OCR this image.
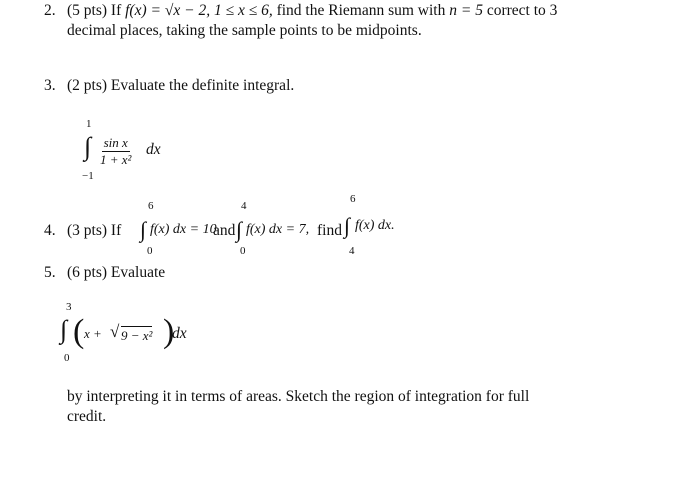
2. (5 pts) If f(x) = √x − 2, 1 ≤ x ≤ 6, find the Riemann sum with n = 5 correct to 3
decimal places, taking the sample points to be midpoints.
3. (2 pts) Evaluate the definite integral.
1
∫
−1
$\frac{\text{sin x}}{\text{1 + x²}}$ dx
6	4
6
4. (3 pts) If ∫ f(x) dx = 10
and ∫ f(x) dx = 7, find ∫ f(x) dx.
0	0	4
5. (6 pts) Evaluate
3
∫
0
( x + √ 9 − x² )
dx
by interpreting it in terms of areas. Sketch the region of integration for full
credit.
